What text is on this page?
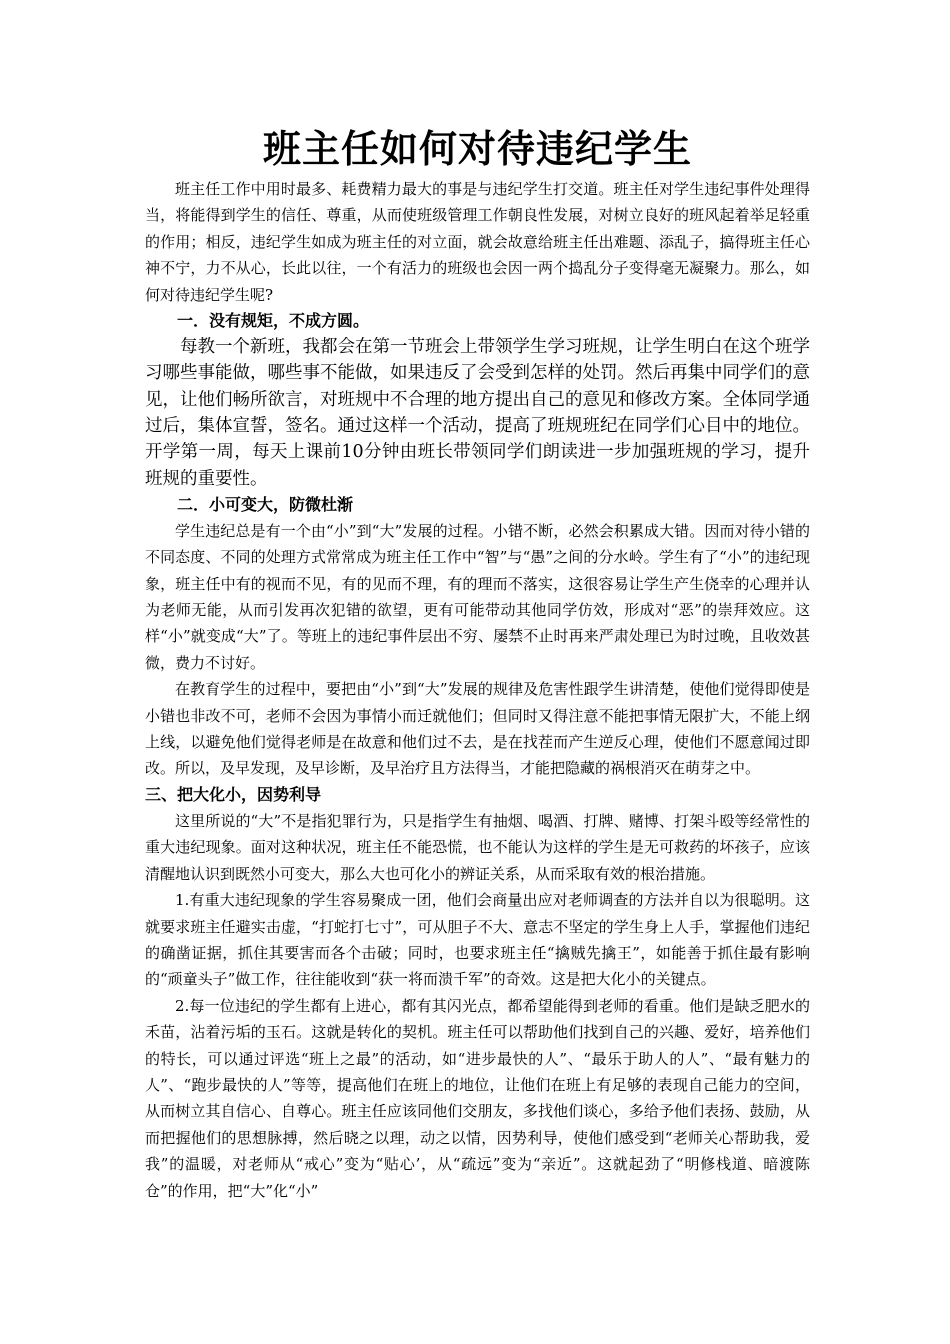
班主任如何对待违纪学生

班主任工作中用时最多、耗费精力最大的事是与违纪学生打交道。班主任对学生违纪事件处理得当，将能得到学生的信任、尊重，从而使班级管理工作朝良性发展，对树立良好的班风起着举足轻重的作用；相反，违纪学生如成为班主任的对立面，就会故意给班主任出难题、添乱子，搞得班主任心神不宁，力不从心，长此以往，一个有活力的班级也会因一两个捣乱分子变得毫无凝聚力。那么，如何对待违纪学生呢?

一．没有规矩，不成方圆。

每教一个新班，我都会在第一节班会上带领学生学习班规，让学生明白在这个班学习哪些事能做，哪些事不能做，如果违反了会受到怎样的处罚。然后再集中同学们的意见，让他们畅所欲言，对班规中不合理的地方提出自己的意见和修改方案。全体同学通过后，集体宣誓，签名。通过这样一个活动，提高了班规班纪在同学们心目中的地位。开学第一周，每天上课前10分钟由班长带领同学们朗读进一步加强班规的学习，提升班规的重要性。

二．小可变大，防微杜渐

学生违纪总是有一个由“小”到“大”发展的过程。小错不断，必然会积累成大错。因而对待小错的不同态度、不同的处理方式常常成为班主任工作中“智”与“愚”之间的分水岭。学生有了“小”的违纪现象，班主任中有的视而不见，有的见而不理，有的理而不落实，这很容易让学生产生侥幸的心理并认为老师无能，从而引发再次犯错的欲望，更有可能带动其他同学仿效，形成对“恶”的崇拜效应。这样“小”就变成“大”了。等班上的违纪事件层出不穷、屡禁不止时再来严肃处理已为时过晚，且收效甚微，费力不讨好。

在教育学生的过程中，要把由“小”到“大”发展的规律及危害性跟学生讲清楚，使他们觉得即使是小错也非改不可，老师不会因为事情小而迁就他们；但同时又得注意不能把事情无限扩大，不能上纲上线，以避免他们觉得老师是在故意和他们过不去，是在找茬而产生逆反心理，使他们不愿意闻过即改。所以，及早发现，及早诊断，及早治疗且方法得当，才能把隐藏的祸根消灭在萌芽之中。

三、把大化小，因势利导

这里所说的“大”不是指犯罪行为，只是指学生有抽烟、喝酒、打牌、赌博、打架斗殴等经常性的重大违纪现象。面对这种状况，班主任不能恐慌，也不能认为这样的学生是无可救药的坏孩子，应该清醒地认识到既然小可变大，那么大也可化小的辨证关系，从而采取有效的根治措施。

1.有重大违纪现象的学生容易聚成一团，他们会商量出应对老师调查的方法并自以为很聪明。这就要求班主任避实击虚，“打蛇打七寸”，可从胆子不大、意志不坚定的学生身上人手，掌握他们违纪的确凿证据，抓住其要害而各个击破；同时，也要求班主任“擒贼先擒王”，如能善于抓住最有影响的“顽童头子”做工作，往往能收到“获一将而溃千军”的奇效。这是把大化小的关键点。

2.每一位违纪的学生都有上进心，都有其闪光点，都希望能得到老师的看重。他们是缺乏肥水的禾苗，沾着污垢的玉石。这就是转化的契机。班主任可以帮助他们找到自己的兴趣、爱好，培养他们的特长，可以通过评选“班上之最”的活动，如“进步最快的人”、“最乐于助人的人”、“最有魅力的人”、“跑步最快的人”等等，提高他们在班上的地位，让他们在班上有足够的表现自己能力的空间，从而树立其自信心、自尊心。班主任应该同他们交朋友，多找他们谈心，多给予他们表扬、鼓励，从而把握他们的思想脉搏，然后晓之以理，动之以情，因势利导，使他们感受到“老师关心帮助我，爱我”的温暖，对老师从“戒心”变为“贴心’，从“疏远”变为“亲近”。这就起劲了“明修栈道、暗渡陈仓”的作用，把“大”化“小”
